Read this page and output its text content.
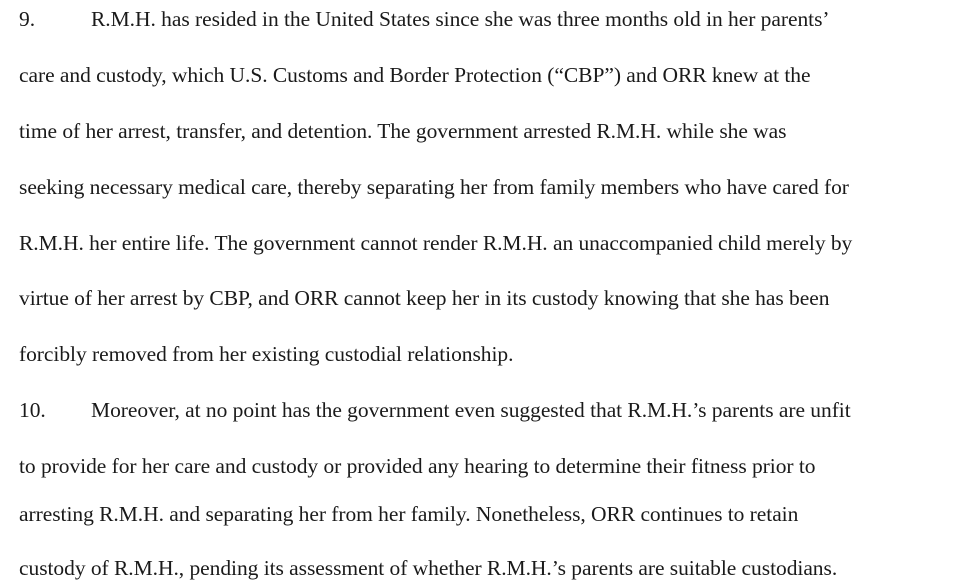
9.	R.M.H. has resided in the United States since she was three months old in her parents’
care and custody, which U.S. Customs and Border Protection (“CBP”) and ORR knew at the
time of her arrest, transfer, and detention. The government arrested R.M.H. while she was
seeking necessary medical care, thereby separating her from family members who have cared for
R.M.H. her entire life. The government cannot render R.M.H. an unaccompanied child merely by
virtue of her arrest by CBP, and ORR cannot keep her in its custody knowing that she has been
forcibly removed from her existing custodial relationship.
10. Moreover, at no point has the government even suggested that R.M.H.’s parents are unfit
to provide for her care and custody or provided any hearing to determine their fitness prior to
arresting R.M.H. and separating her from her family. Nonetheless, ORR continues to retain
custody of R.M.H., pending its assessment of whether R.M.H.’s parents are suitable custodians.
